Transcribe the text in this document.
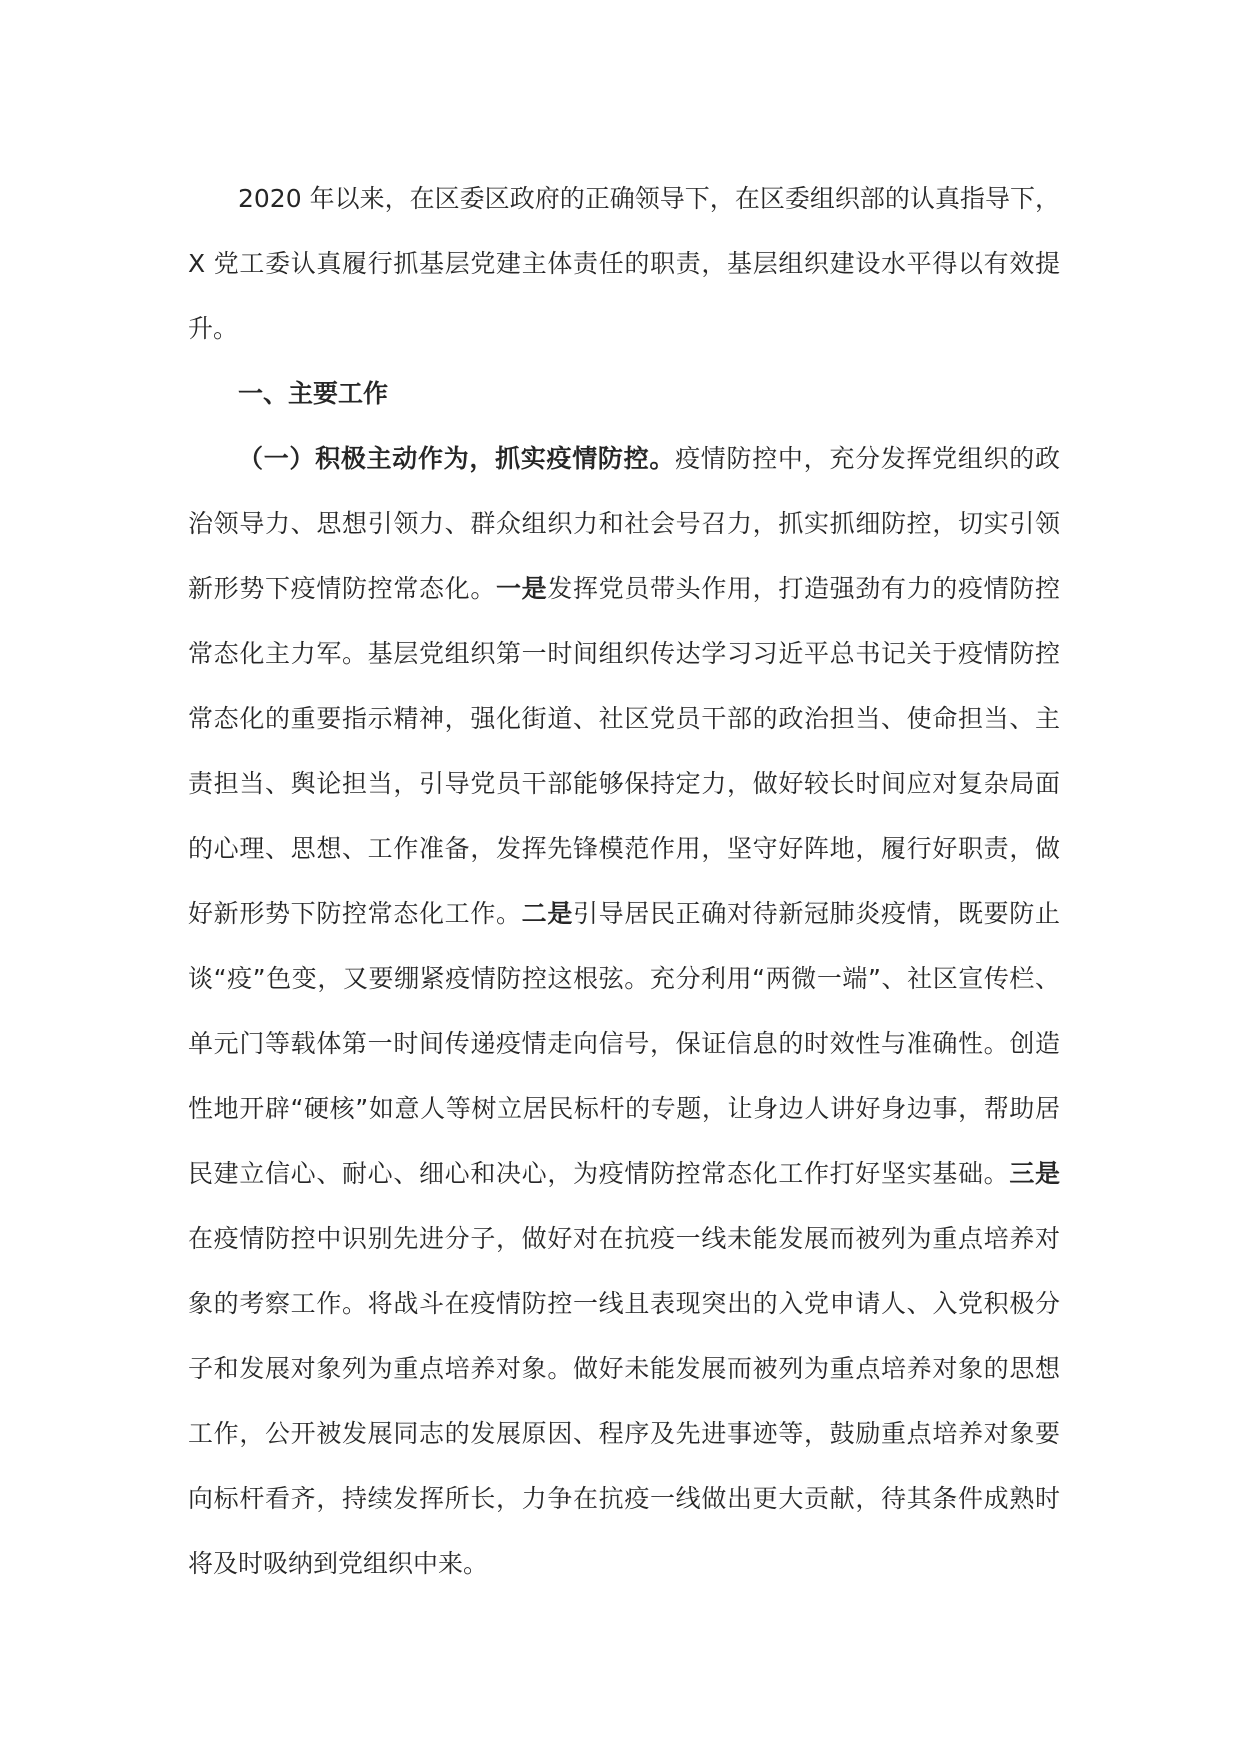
2020 年以来，在区委区政府的正确领导下，在区委组织部的认真指导下，X 党工委认真履行抓基层党建主体责任的职责，基层组织建设水平得以有效提升。

一、主要工作

（一）积极主动作为，抓实疫情防控。疫情防控中，充分发挥党组织的政治领导力、思想引领力、群众组织力和社会号召力，抓实抓细防控，切实引领新形势下疫情防控常态化。一是发挥党员带头作用，打造强劲有力的疫情防控常态化主力军。基层党组织第一时间组织传达学习习近平总书记关于疫情防控常态化的重要指示精神，强化街道、社区党员干部的政治担当、使命担当、主责担当、舆论担当，引导党员干部能够保持定力，做好较长时间应对复杂局面的心理、思想、工作准备，发挥先锋模范作用，坚守好阵地，履行好职责，做好新形势下防控常态化工作。二是引导居民正确对待新冠肺炎疫情，既要防止谈“疫”色变，又要绷紧疫情防控这根弦。充分利用“两微一端”、社区宣传栏、单元门等载体第一时间传递疫情走向信号，保证信息的时效性与准确性。创造性地开辟“硬核”如意人等树立居民标杆的专题，让身边人讲好身边事，帮助居民建立信心、耐心、细心和决心，为疫情防控常态化工作打好坚实基础。三是在疫情防控中识别先进分子，做好对在抗疫一线未能发展而被列为重点培养对象的考察工作。将战斗在疫情防控一线且表现突出的入党申请人、入党积极分子和发展对象列为重点培养对象。做好未能发展而被列为重点培养对象的思想工作，公开被发展同志的发展原因、程序及先进事迹等，鼓励重点培养对象要向标杆看齐，持续发挥所长，力争在抗疫一线做出更大贡献，待其条件成熟时将及时吸纳到党组织中来。
